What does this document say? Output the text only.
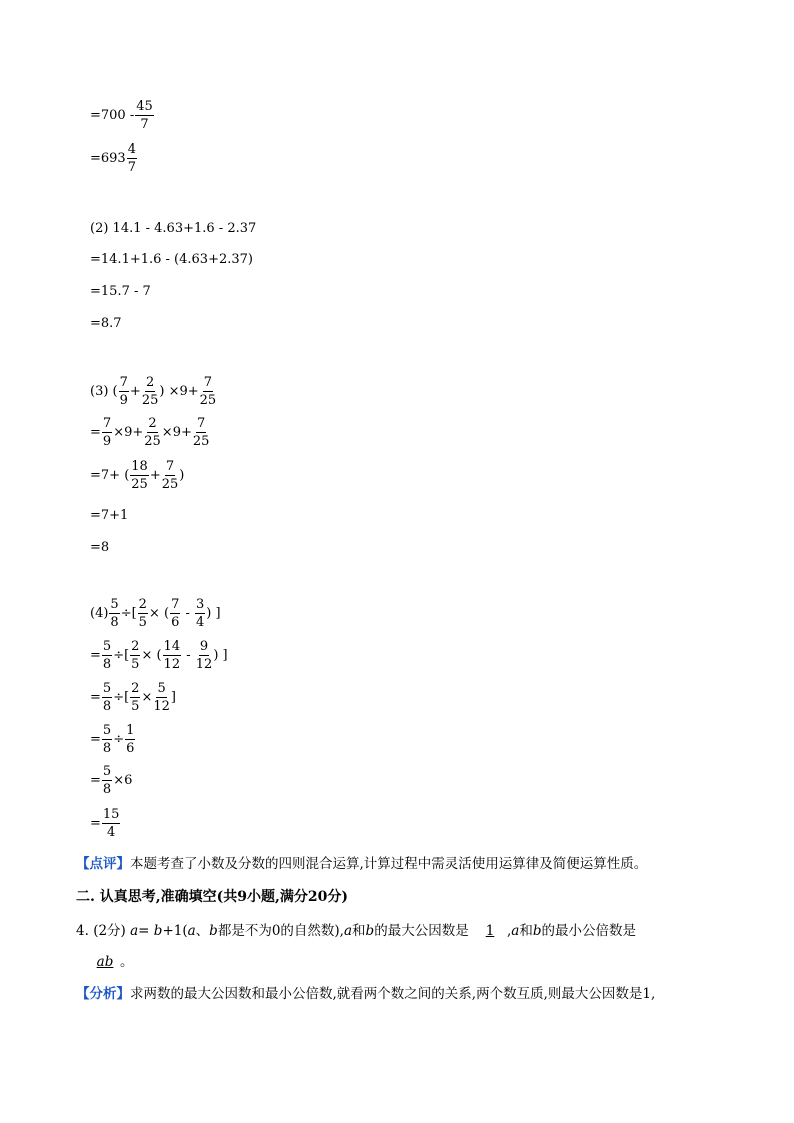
$=700 - \frac{45}{7}$
$=693 \frac{4}{7}$
(2) 14.1 - 4.63+1.6 - 2.37
=14.1+1.6 - (4.63+2.37)
=15.7 - 7
=8.7
(3) ( $\frac{7}{9} + \frac{2}{25}$ ) $\times 9+ \frac{7}{25}$
= $\frac{7}{9} \times 9+ \frac{2}{25} \times 9+ \frac{7}{25}$
=7+ ( $\frac{18}{25} + \frac{7}{25}$ )
=7+1
=8
$(4) \frac{5}{8}$ ÷[ $\frac{2}{5}$ × ( $\frac{7}{6} - \frac{3}{4}$ ) ]
= $\frac{5}{8}$ ÷[ $\frac{2}{5}$ × ( $\frac{14}{12} - \frac{9}{12}$ ) ]
= $\frac{5}{8}$ ÷[ $\frac{2}{5} \times \frac{5}{12}$ ]
= $\frac{5}{8} \div \frac{1}{6}$
= $\frac{5}{8} \times 6$
= $\frac{15}{4}$
【点评】本题考查了小数及分数的四则混合运算,计算过程中需灵活使用运算律及简便运算性质。
二. 认真思考,准确填空(共9小题,满分20分)
4. (2分) a= b+1(a、b都是不为0的自然数),a和b的最大公因数是 1 ,a和b的最小公倍数是
ab 。
【分析】求两数的最大公因数和最小公倍数,就看两个数之间的关系,两个数互质,则最大公因数是1,
